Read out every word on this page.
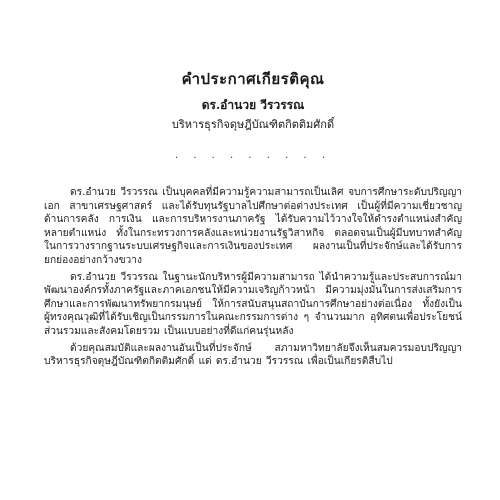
คำประกาศเกียรติคุณ

ดร.อำนวย วีรวรรณ

บริหารธุรกิจดุษฎีบัณฑิตกิตติมศักดิ์

· · · · · · · · ·

ดร.อำนวย วีรวรรณ เป็นบุคคลที่มีความรู้ความสามารถเป็นเลิศ จบการศึกษาระดับปริญญาเอก สาขาเศรษฐศาสตร์ และได้รับทุนรัฐบาลไปศึกษาต่อต่างประเทศ เป็นผู้ที่มีความเชี่ยวชาญด้านการคลัง การเงิน และการบริหารงานภาครัฐ ได้รับความไว้วางใจให้ดำรงตำแหน่งสำคัญหลายตำแหน่ง ทั้งในกระทรวงการคลังและหน่วยงานรัฐวิสาหกิจ ตลอดจนเป็นผู้มีบทบาทสำคัญในการวางรากฐานระบบเศรษฐกิจและการเงินของประเทศ ผลงานเป็นที่ประจักษ์และได้รับการยกย่องอย่างกว้างขวาง

ดร.อำนวย วีรวรรณ ในฐานะนักบริหารผู้มีความสามารถ ได้นำความรู้และประสบการณ์มาพัฒนาองค์กรทั้งภาครัฐและภาคเอกชนให้มีความเจริญก้าวหน้า มีความมุ่งมั่นในการส่งเสริมการศึกษาและการพัฒนาทรัพยากรมนุษย์ ให้การสนับสนุนสถาบันการศึกษาอย่างต่อเนื่อง ทั้งยังเป็นผู้ทรงคุณวุฒิที่ได้รับเชิญเป็นกรรมการในคณะกรรมการต่าง ๆ จำนวนมาก อุทิศตนเพื่อประโยชน์ส่วนรวมและสังคมโดยรวม เป็นแบบอย่างที่ดีแก่คนรุ่นหลัง

ด้วยคุณสมบัติและผลงานอันเป็นที่ประจักษ์ สภามหาวิทยาลัยจึงเห็นสมควรมอบปริญญาบริหารธุรกิจดุษฎีบัณฑิตกิตติมศักดิ์ แด่ ดร.อำนวย วีรวรรณ เพื่อเป็นเกียรติสืบไป
